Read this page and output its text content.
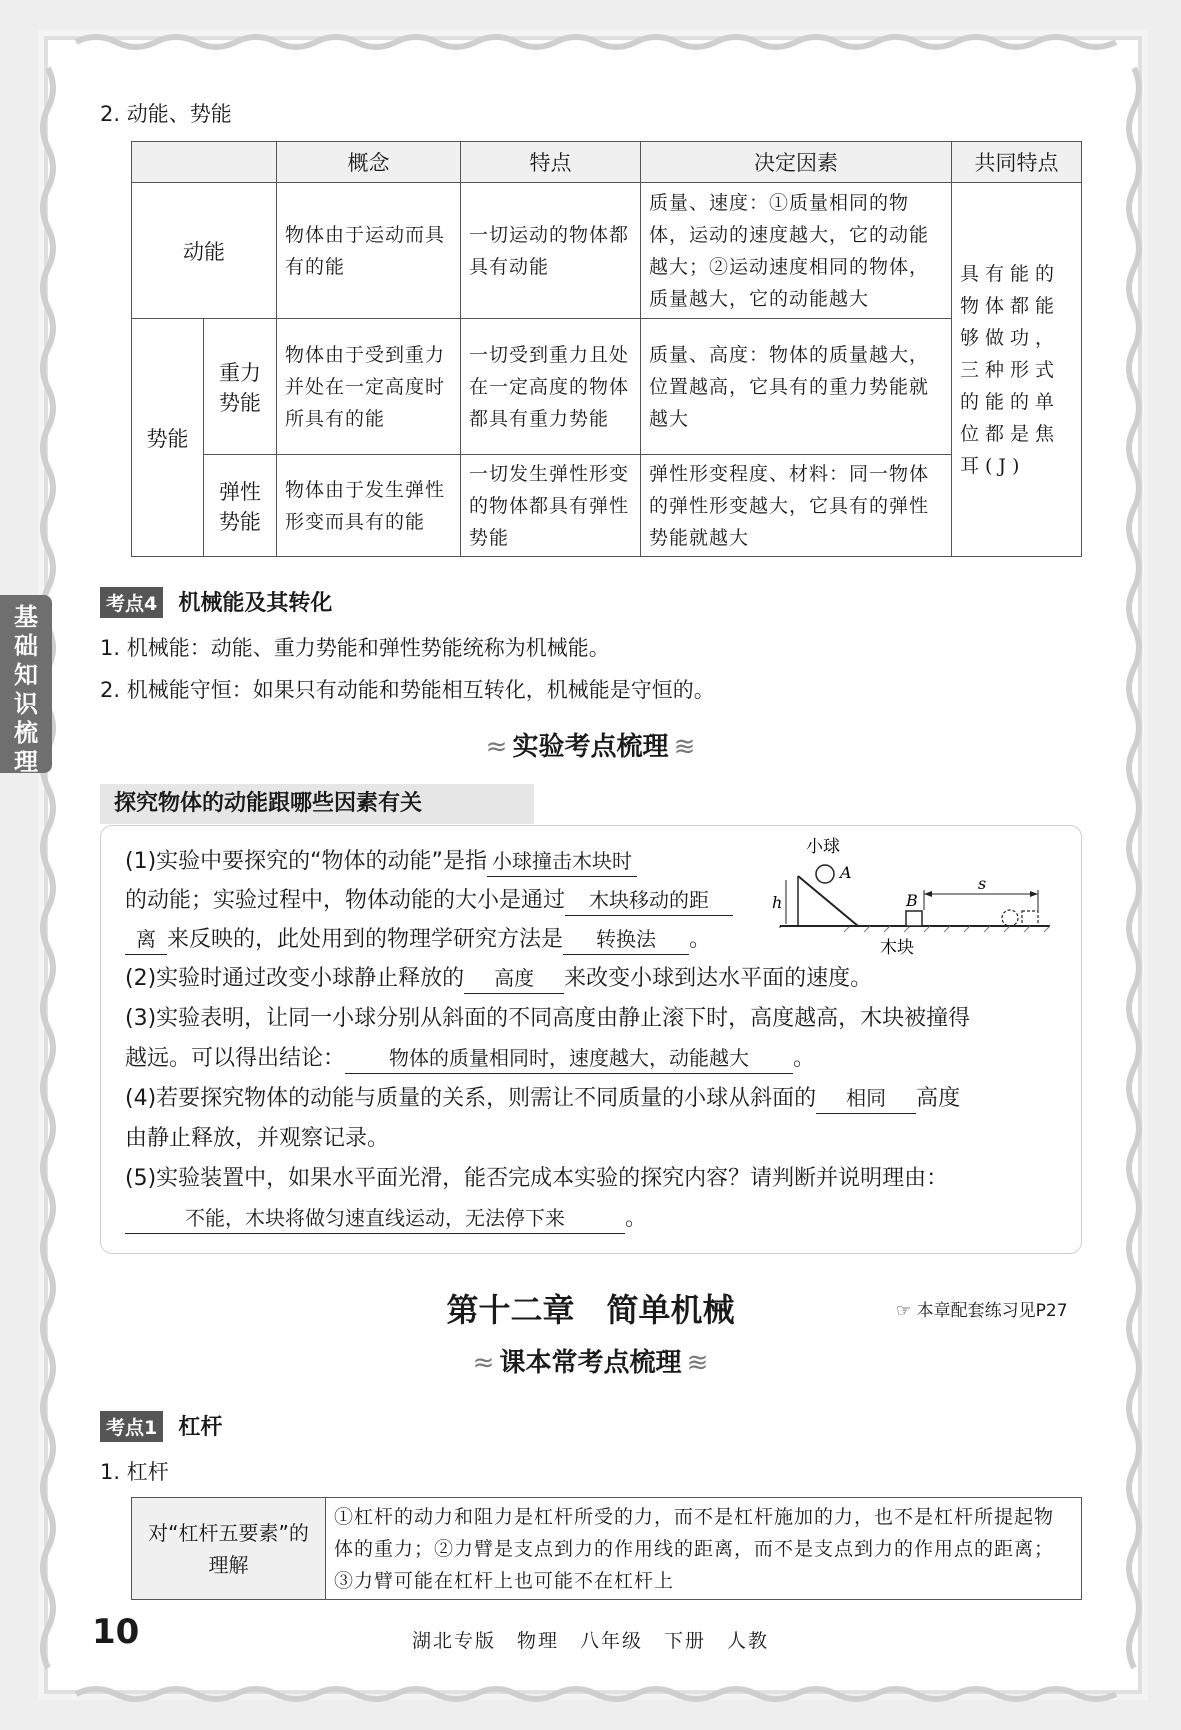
基础知识梳理
2. 动能、势能
		概念	特点	决定因素	共同特点
动能		物体由于运动而具有的能	一切运动的物体都具有动能	质量、速度：①质量相同的物体，运动的速度越大，它的动能越大；②运动速度相同的物体，质量越大，它的动能越大	具有能的物体都能够做功，三种形式的能的单位都是焦耳(J)
势能	重力势能	物体由于受到重力并处在一定高度时所具有的能	一切受到重力且处在一定高度的物体都具有重力势能	质量、高度：物体的质量越大，位置越高，它具有的重力势能就越大	
	弹性势能	物体由于发生弹性形变而具有的能	一切发生弹性形变的物体都具有弹性势能	弹性形变程度、材料：同一物体的弹性形变越大，它具有的弹性势能就越大	
考点4 机械能及其转化
1. 机械能：动能、重力势能和弹性势能统称为机械能。
2. 机械能守恒：如果只有动能和势能相互转化，机械能是守恒的。
≈ 实验考点梳理 ≋
探究物体的动能跟哪些因素有关
(1)实验中要探究的“物体的动能”是指 小球撞击木块时
的动能；实验过程中，物体动能的大小是通过 木块移动的距
离 来反映的，此处用到的物理学研究方法是 转换法 。
小球
A
B
h
s
木块
(2)实验时通过改变小球静止释放的 高度 来改变小球到达水平面的速度。
(3)实验表明，让同一小球分别从斜面的不同高度由静止滚下时，高度越高，木块被撞得
越远。可以得出结论： 物体的质量相同时，速度越大，动能越大 。
(4)若要探究物体的动能与质量的关系，则需让不同质量的小球从斜面的 相同 高度
由静止释放，并观察记录。
(5)实验装置中，如果水平面光滑，能否完成本实验的探究内容？请判断并说明理由：
不能，木块将做匀速直线运动，无法停下来	。
第十二章　简单机械	☞ 本章配套练习见P27
≈ 课本常考点梳理 ≋
考点1 杠杆
1. 杠杆
对“杠杆五要素”的理解	①杠杆的动力和阻力是杠杆所受的力，而不是杠杆施加的力，也不是杠杆所提起物体的重力；②力臂是支点到力的作用线的距离，而不是支点到力的作用点的距离；③力臂可能在杠杆上也可能不在杠杆上
10	湖北专版　物理　八年级　下册　人教
